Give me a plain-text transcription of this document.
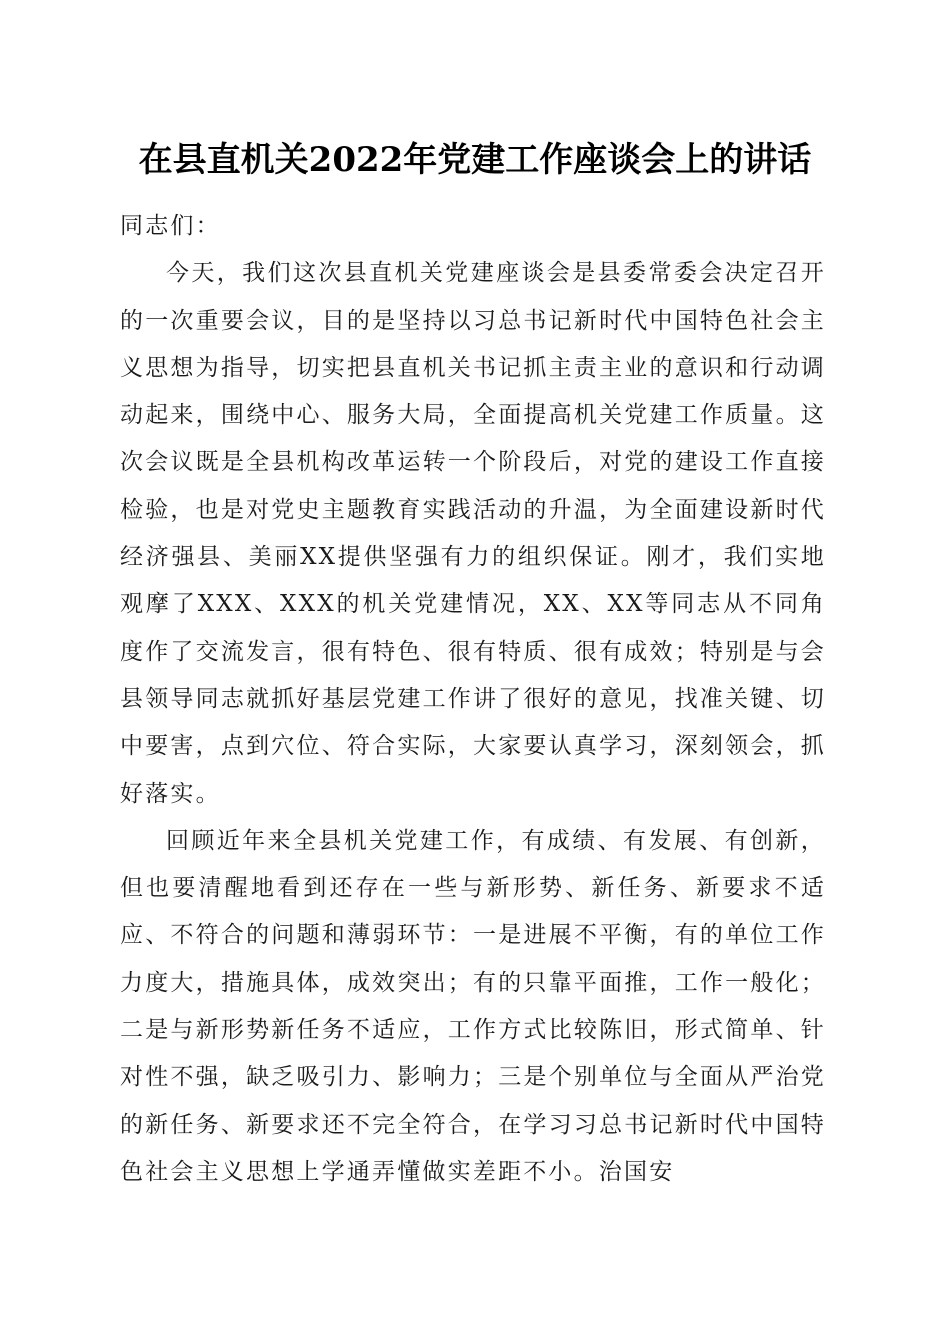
在县直机关2022年党建工作座谈会上的讲话

同志们：

今天，我们这次县直机关党建座谈会是县委常委会决定召开的一次重要会议，目的是坚持以习总书记新时代中国特色社会主义思想为指导，切实把县直机关书记抓主责主业的意识和行动调动起来，围绕中心、服务大局，全面提高机关党建工作质量。这次会议既是全县机构改革运转一个阶段后，对党的建设工作直接检验，也是对党史主题教育实践活动的升温，为全面建设新时代经济强县、美丽XX提供坚强有力的组织保证。刚才，我们实地观摩了XXX、XXX的机关党建情况，XX、XX等同志从不同角度作了交流发言，很有特色、很有特质、很有成效；特别是与会县领导同志就抓好基层党建工作讲了很好的意见，找准关键、切中要害，点到穴位、符合实际，大家要认真学习，深刻领会，抓好落实。

回顾近年来全县机关党建工作，有成绩、有发展、有创新，但也要清醒地看到还存在一些与新形势、新任务、新要求不适应、不符合的问题和薄弱环节：一是进展不平衡，有的单位工作力度大，措施具体，成效突出；有的只靠平面推，工作一般化；二是与新形势新任务不适应，工作方式比较陈旧，形式简单、针对性不强，缺乏吸引力、影响力；三是个别单位与全面从严治党的新任务、新要求还不完全符合，在学习习总书记新时代中国特色社会主义思想上学通弄懂做实差距不小。治国安
